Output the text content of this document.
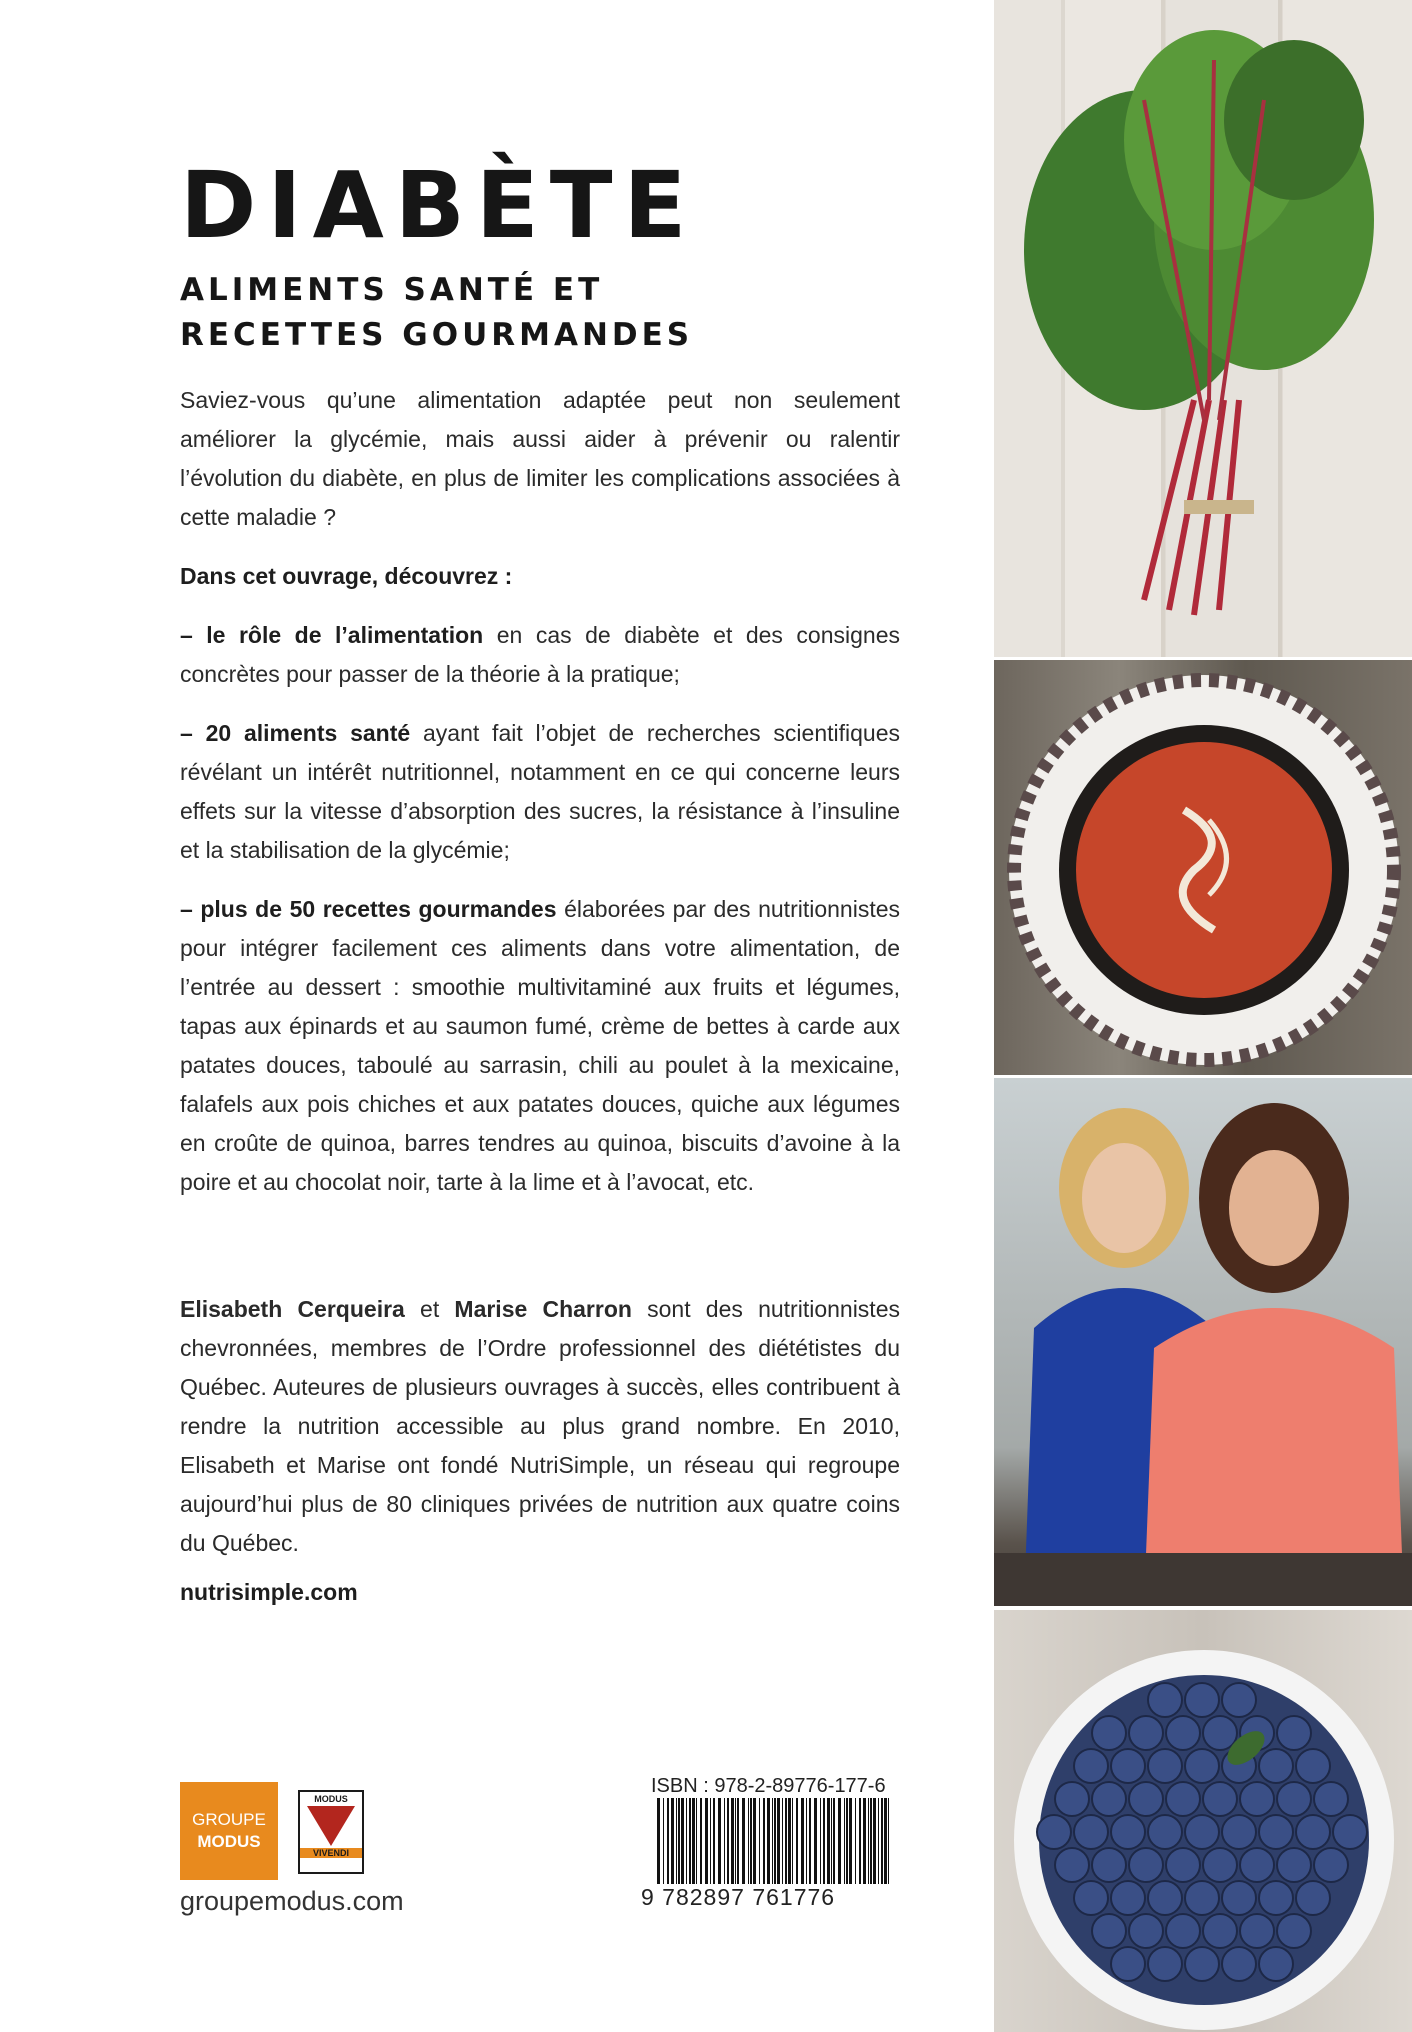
DIABÈTE
ALIMENTS SANTÉ ET
RECETTES GOURMANDES

Saviez-vous qu’une alimentation adaptée peut non seulement améliorer la glycémie, mais aussi aider à prévenir ou ralentir l’évolution du diabète, en plus de limiter les complications associées à cette maladie ?

Dans cet ouvrage, découvrez :

– le rôle de l’alimentation en cas de diabète et des consignes concrètes pour passer de la théorie à la pratique;

– 20 aliments santé ayant fait l’objet de recherches scientifiques révélant un intérêt nutritionnel, notamment en ce qui concerne leurs effets sur la vitesse d’absorption des sucres, la résistance à l’insuline et la stabilisation de la glycémie;

– plus de 50 recettes gourmandes élaborées par des nutritionnistes pour intégrer facilement ces aliments dans votre alimentation, de l’entrée au dessert : smoothie multivitaminé aux fruits et légumes, tapas aux épinards et au saumon fumé, crème de bettes à carde aux patates douces, taboulé au sarrasin, chili au poulet à la mexicaine, falafels aux pois chiches et aux patates douces, quiche aux légumes en croûte de quinoa, barres tendres au quinoa, biscuits d’avoine à la poire et au chocolat noir, tarte à la lime et à l’avocat, etc.

Elisabeth Cerqueira et Marise Charron sont des nutritionnistes chevronnées, membres de l’Ordre professionnel des diététistes du Québec. Auteures de plusieurs ouvrages à succès, elles contribuent à rendre la nutrition accessible au plus grand nombre. En 2010, Elisabeth et Marise ont fondé NutriSimple, un réseau qui regroupe aujourd’hui plus de 80 cliniques privées de nutrition aux quatre coins du Québec.

nutrisimple.com
GROUPE
MODUS
MODUS
VIVENDI
groupemodus.com
ISBN : 978-2-89776-177-6
9 782897 761776
